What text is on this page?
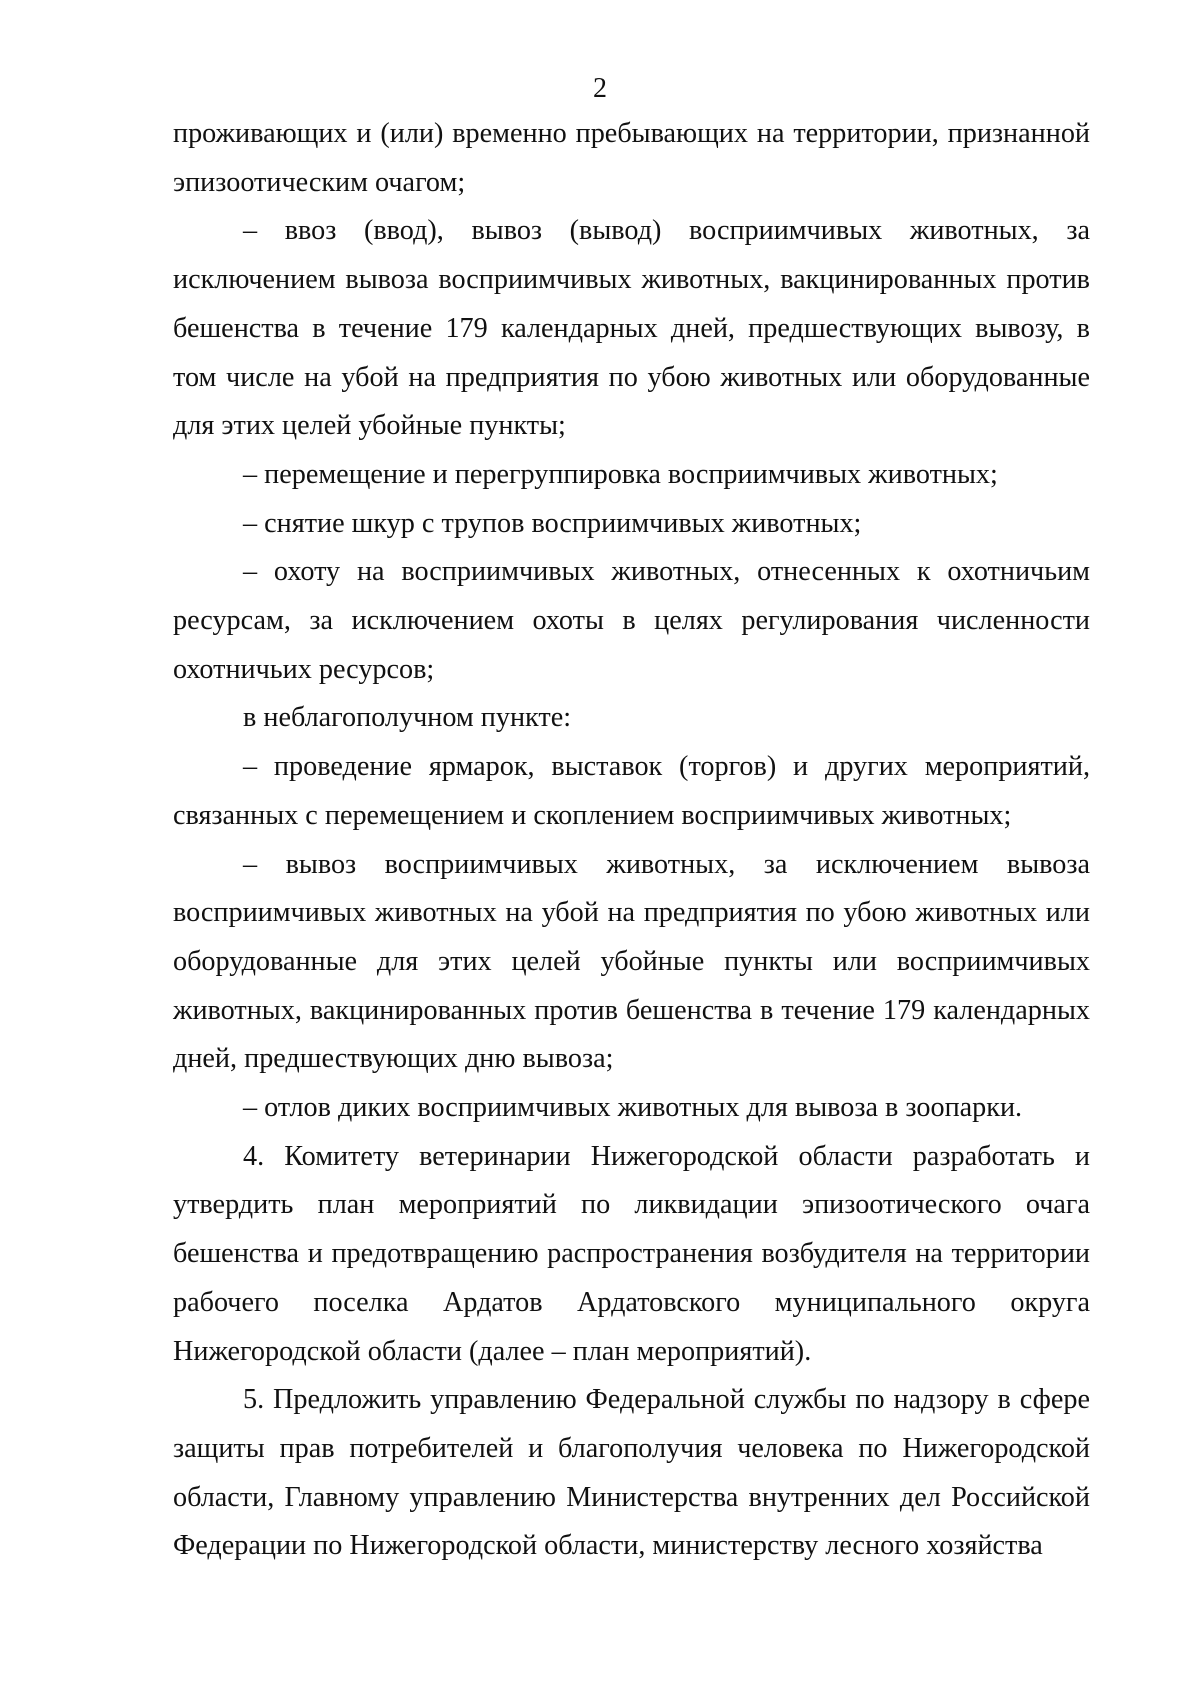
2

проживающих и (или) временно пребывающих на территории, признанной эпизоотическим очагом;

– ввоз (ввод), вывоз (вывод) восприимчивых животных, за исключением вывоза восприимчивых животных, вакцинированных против бешенства в течение 179 календарных дней, предшествующих вывозу, в том числе на убой на предприятия по убою животных или оборудованные для этих целей убойные пункты;

– перемещение и перегруппировка восприимчивых животных;

– снятие шкур с трупов восприимчивых животных;

– охоту на восприимчивых животных, отнесенных к охотничьим ресурсам, за исключением охоты в целях регулирования численности охотничьих ресурсов;

в неблагополучном пункте:

– проведение ярмарок, выставок (торгов) и других мероприятий, связанных с перемещением и скоплением восприимчивых животных;

– вывоз восприимчивых животных, за исключением вывоза восприимчивых животных на убой на предприятия по убою животных или оборудованные для этих целей убойные пункты или восприимчивых животных, вакцинированных против бешенства в течение 179 календарных дней, предшествующих дню вывоза;

– отлов диких восприимчивых животных для вывоза в зоопарки.

4. Комитету ветеринарии Нижегородской области разработать и утвердить план мероприятий по ликвидации эпизоотического очага бешенства и предотвращению распространения возбудителя на территории рабочего поселка Ардатов Ардатовского муниципального округа Нижегородской области (далее – план мероприятий).

5. Предложить управлению Федеральной службы по надзору в сфере защиты прав потребителей и благополучия человека по Нижегородской области, Главному управлению Министерства внутренних дел Российской Федерации по Нижегородской области, министерству лесного хозяйства
